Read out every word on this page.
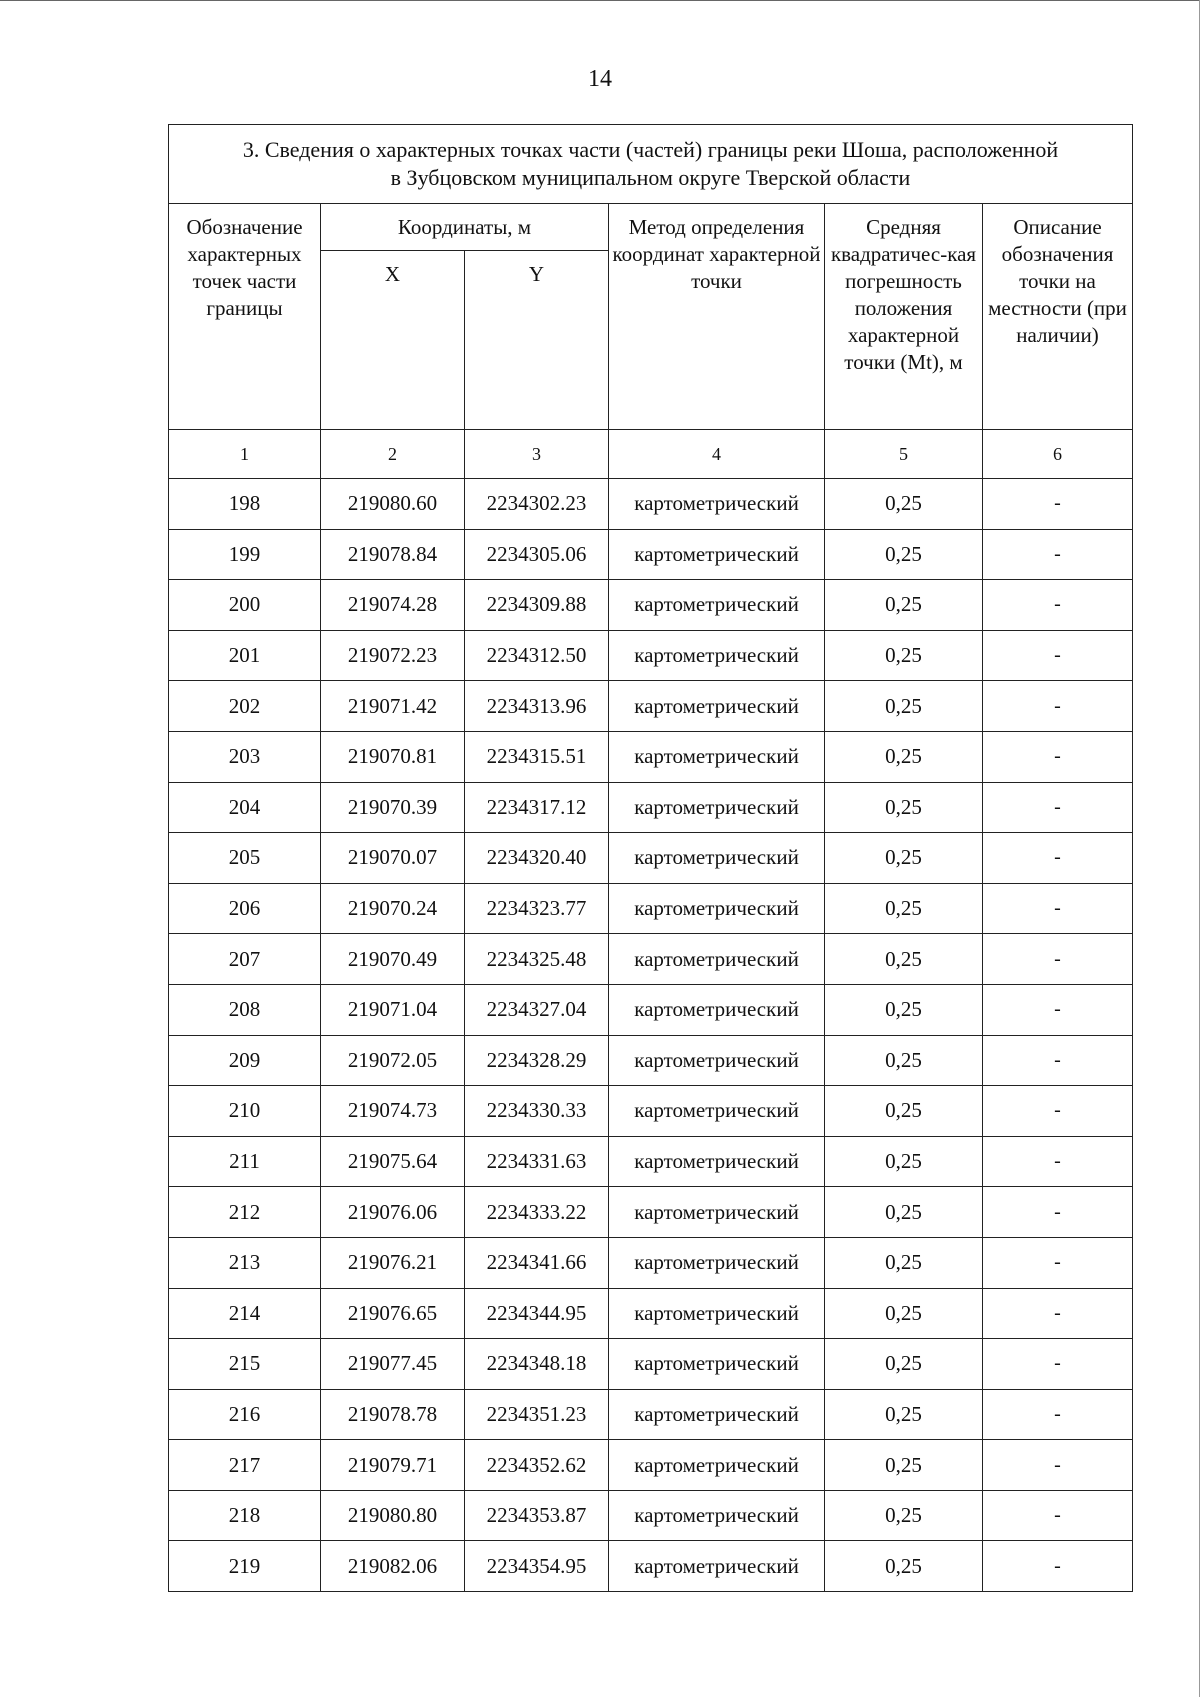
14
3. Сведения о характерных точках части (частей) границы реки Шоша, расположенной
в Зубцовском муниципальном округе Тверской области					
Обозначение характерных точек части границы	Координаты, м		Метод определения координат характерной точки	Средняя квадратичес-кая погрешность положения характерной точки (Mt), м	Описание обозначения точки на местности (при наличии)
	X	Y			
1	2	3	4	5	6
198	219080.60	2234302.23	картометрический	0,25	-
199	219078.84	2234305.06	картометрический	0,25	-
200	219074.28	2234309.88	картометрический	0,25	-
201	219072.23	2234312.50	картометрический	0,25	-
202	219071.42	2234313.96	картометрический	0,25	-
203	219070.81	2234315.51	картометрический	0,25	-
204	219070.39	2234317.12	картометрический	0,25	-
205	219070.07	2234320.40	картометрический	0,25	-
206	219070.24	2234323.77	картометрический	0,25	-
207	219070.49	2234325.48	картометрический	0,25	-
208	219071.04	2234327.04	картометрический	0,25	-
209	219072.05	2234328.29	картометрический	0,25	-
210	219074.73	2234330.33	картометрический	0,25	-
211	219075.64	2234331.63	картометрический	0,25	-
212	219076.06	2234333.22	картометрический	0,25	-
213	219076.21	2234341.66	картометрический	0,25	-
214	219076.65	2234344.95	картометрический	0,25	-
215	219077.45	2234348.18	картометрический	0,25	-
216	219078.78	2234351.23	картометрический	0,25	-
217	219079.71	2234352.62	картометрический	0,25	-
218	219080.80	2234353.87	картометрический	0,25	-
219	219082.06	2234354.95	картометрический	0,25	-
